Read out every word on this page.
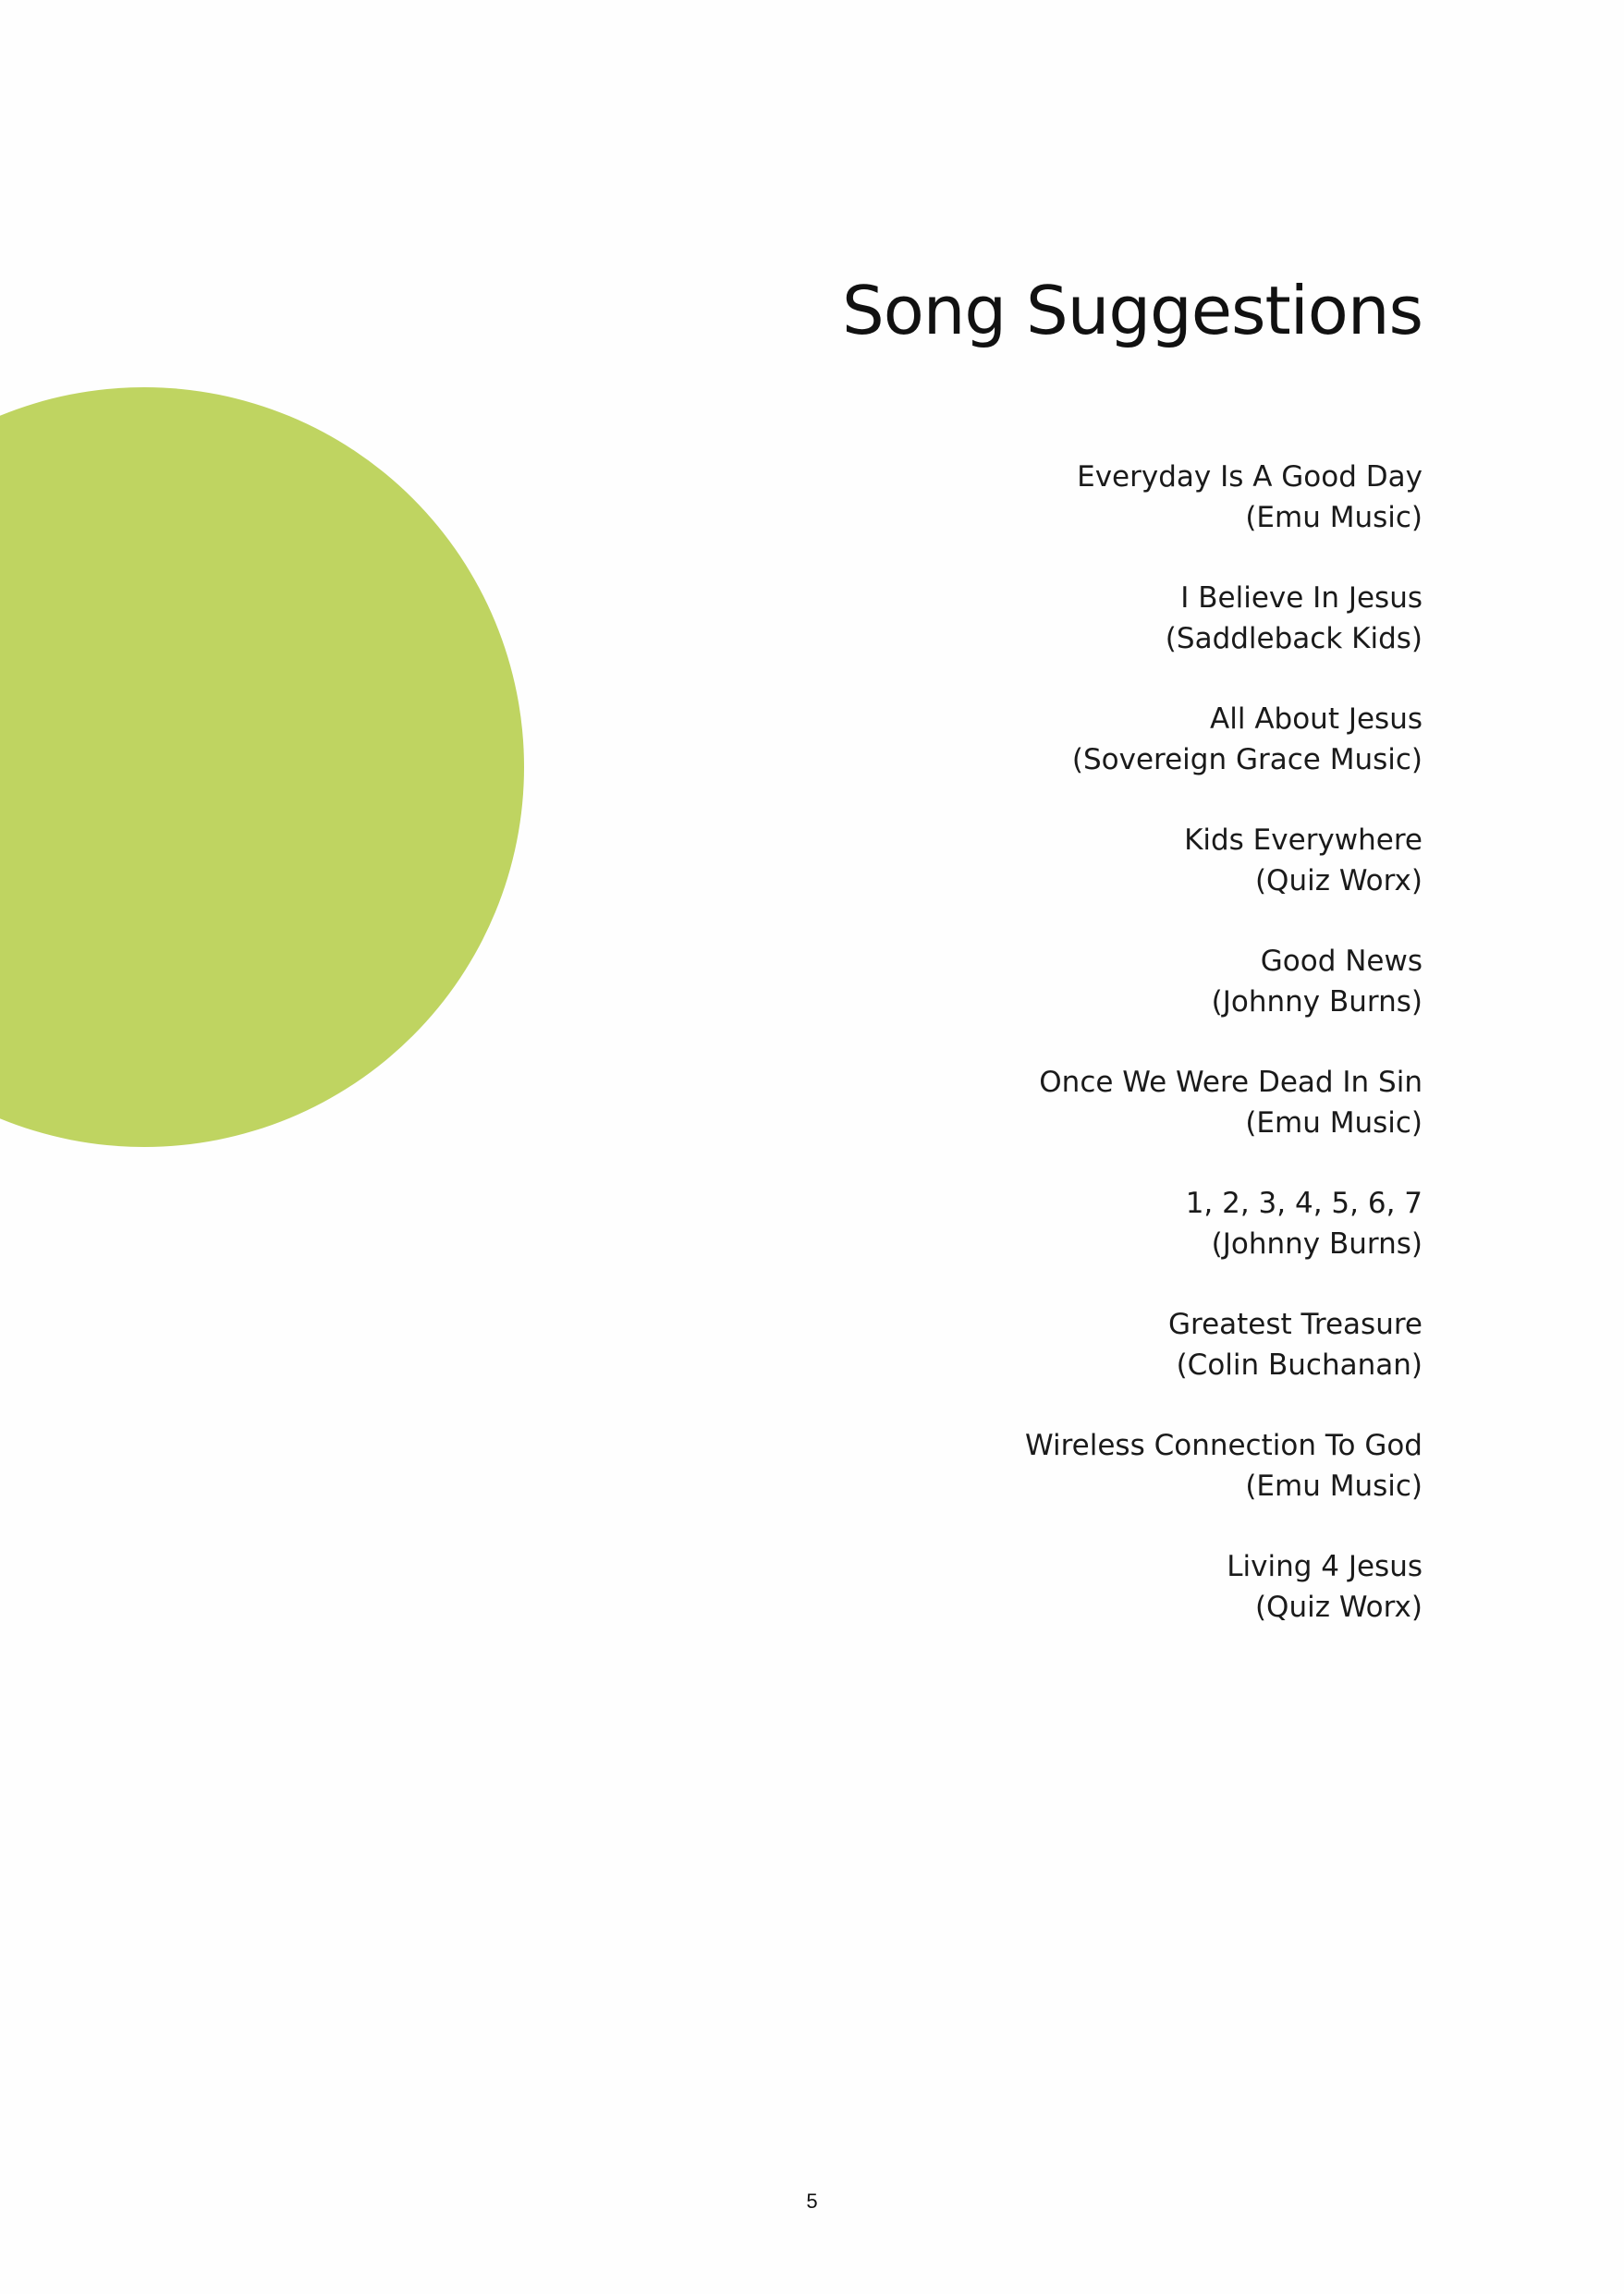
Song Suggestions
Everyday Is A Good Day
(Emu Music)
I Believe In Jesus
(Saddleback Kids)
All About Jesus
(Sovereign Grace Music)
Kids Everywhere
(Quiz Worx)
Good News
(Johnny Burns)
Once We Were Dead In Sin
(Emu Music)
1, 2, 3, 4, 5, 6, 7
(Johnny Burns)
Greatest Treasure
(Colin Buchanan)
Wireless Connection To God
(Emu Music)
Living 4 Jesus
(Quiz Worx)
5
